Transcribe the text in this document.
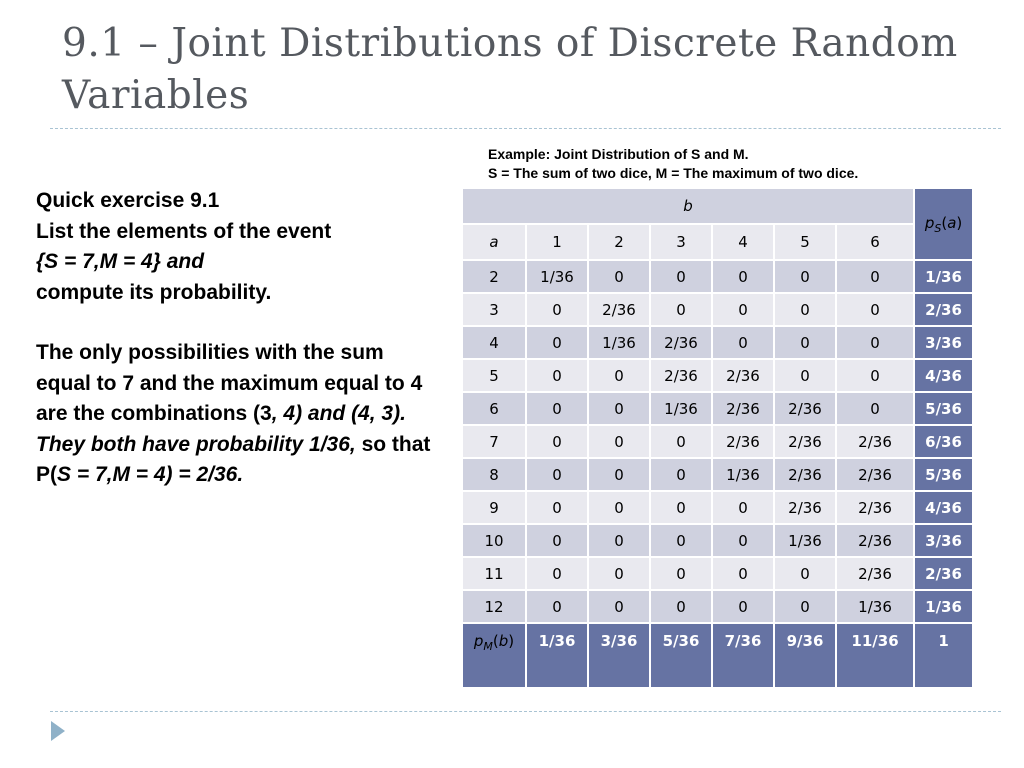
9.1 – Joint Distributions of Discrete Random Variables

Quick exercise 9.1

List the elements of the event

{S = 7,M = 4} and

compute its probability.

The only possibilities with the sum equal to 7 and the maximum equal to 4 are the combinations (3, 4) and (4, 3). They both have probability 1/36, so that P(S = 7,M = 4) = 2/36.

Example: Joint Distribution of S and M.
S = The sum of two dice, M = The maximum of two dice.
b							$p_S(a)$
a	1	2	3	4	5	6	
2	1/36	0	0	0	0	0	1/36
3	0	2/36	0	0	0	0	2/36
4	0	1/36	2/36	0	0	0	3/36
5	0	0	2/36	2/36	0	0	4/36
6	0	0	1/36	2/36	2/36	0	5/36
7	0	0	0	2/36	2/36	2/36	6/36
8	0	0	0	1/36	2/36	2/36	5/36
9	0	0	0	0	2/36	2/36	4/36
10	0	0	0	0	1/36	2/36	3/36
11	0	0	0	0	0	2/36	2/36
12	0	0	0	0	0	1/36	1/36
$p_M(b)$	1/36	3/36	5/36	7/36	9/36	11/36	1
